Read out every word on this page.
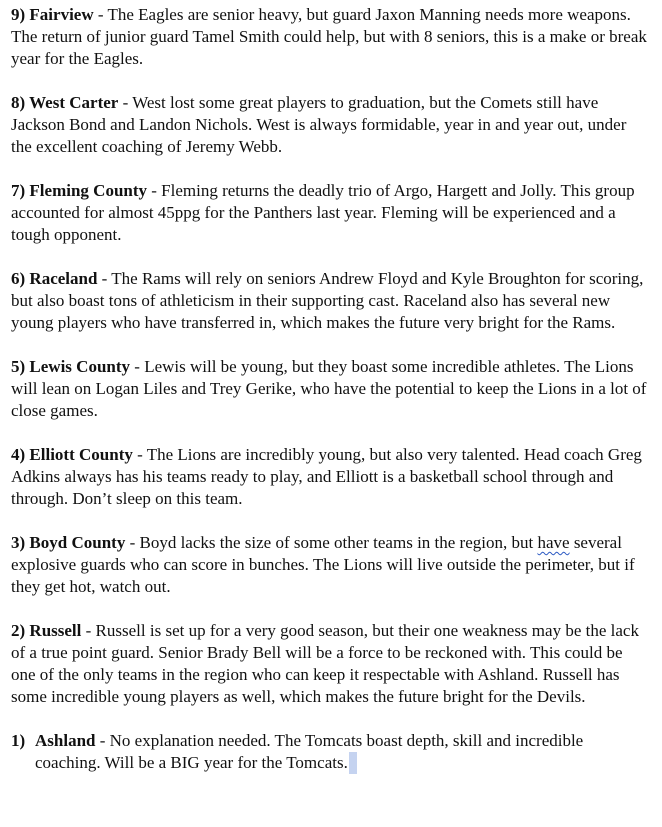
9) Fairview - The Eagles are senior heavy, but guard Jaxon Manning needs more weapons. The return of junior guard Tamel Smith could help, but with 8 seniors, this is a make or break year for the Eagles.

8) West Carter - West lost some great players to graduation, but the Comets still have Jackson Bond and Landon Nichols. West is always formidable, year in and year out, under the excellent coaching of Jeremy Webb.

7) Fleming County - Fleming returns the deadly trio of Argo, Hargett and Jolly. This group accounted for almost 45ppg for the Panthers last year. Fleming will be experienced and a tough opponent.

6) Raceland - The Rams will rely on seniors Andrew Floyd and Kyle Broughton for scoring, but also boast tons of athleticism in their supporting cast. Raceland also has several new young players who have transferred in, which makes the future very bright for the Rams.

5) Lewis County - Lewis will be young, but they boast some incredible athletes. The Lions will lean on Logan Liles and Trey Gerike, who have the potential to keep the Lions in a lot of close games.

4) Elliott County - The Lions are incredibly young, but also very talented. Head coach Greg Adkins always has his teams ready to play, and Elliott is a basketball school through and through. Don’t sleep on this team.

3) Boyd County - Boyd lacks the size of some other teams in the region, but have several explosive guards who can score in bunches. The Lions will live outside the perimeter, but if they get hot, watch out.

2) Russell - Russell is set up for a very good season, but their one weakness may be the lack of a true point guard. Senior Brady Bell will be a force to be reckoned with. This could be one of the only teams in the region who can keep it respectable with Ashland. Russell has some incredible young players as well, which makes the future bright for the Devils.

1) Ashland - No explanation needed. The Tomcats boast depth, skill and incredible coaching. Will be a BIG year for the Tomcats.
